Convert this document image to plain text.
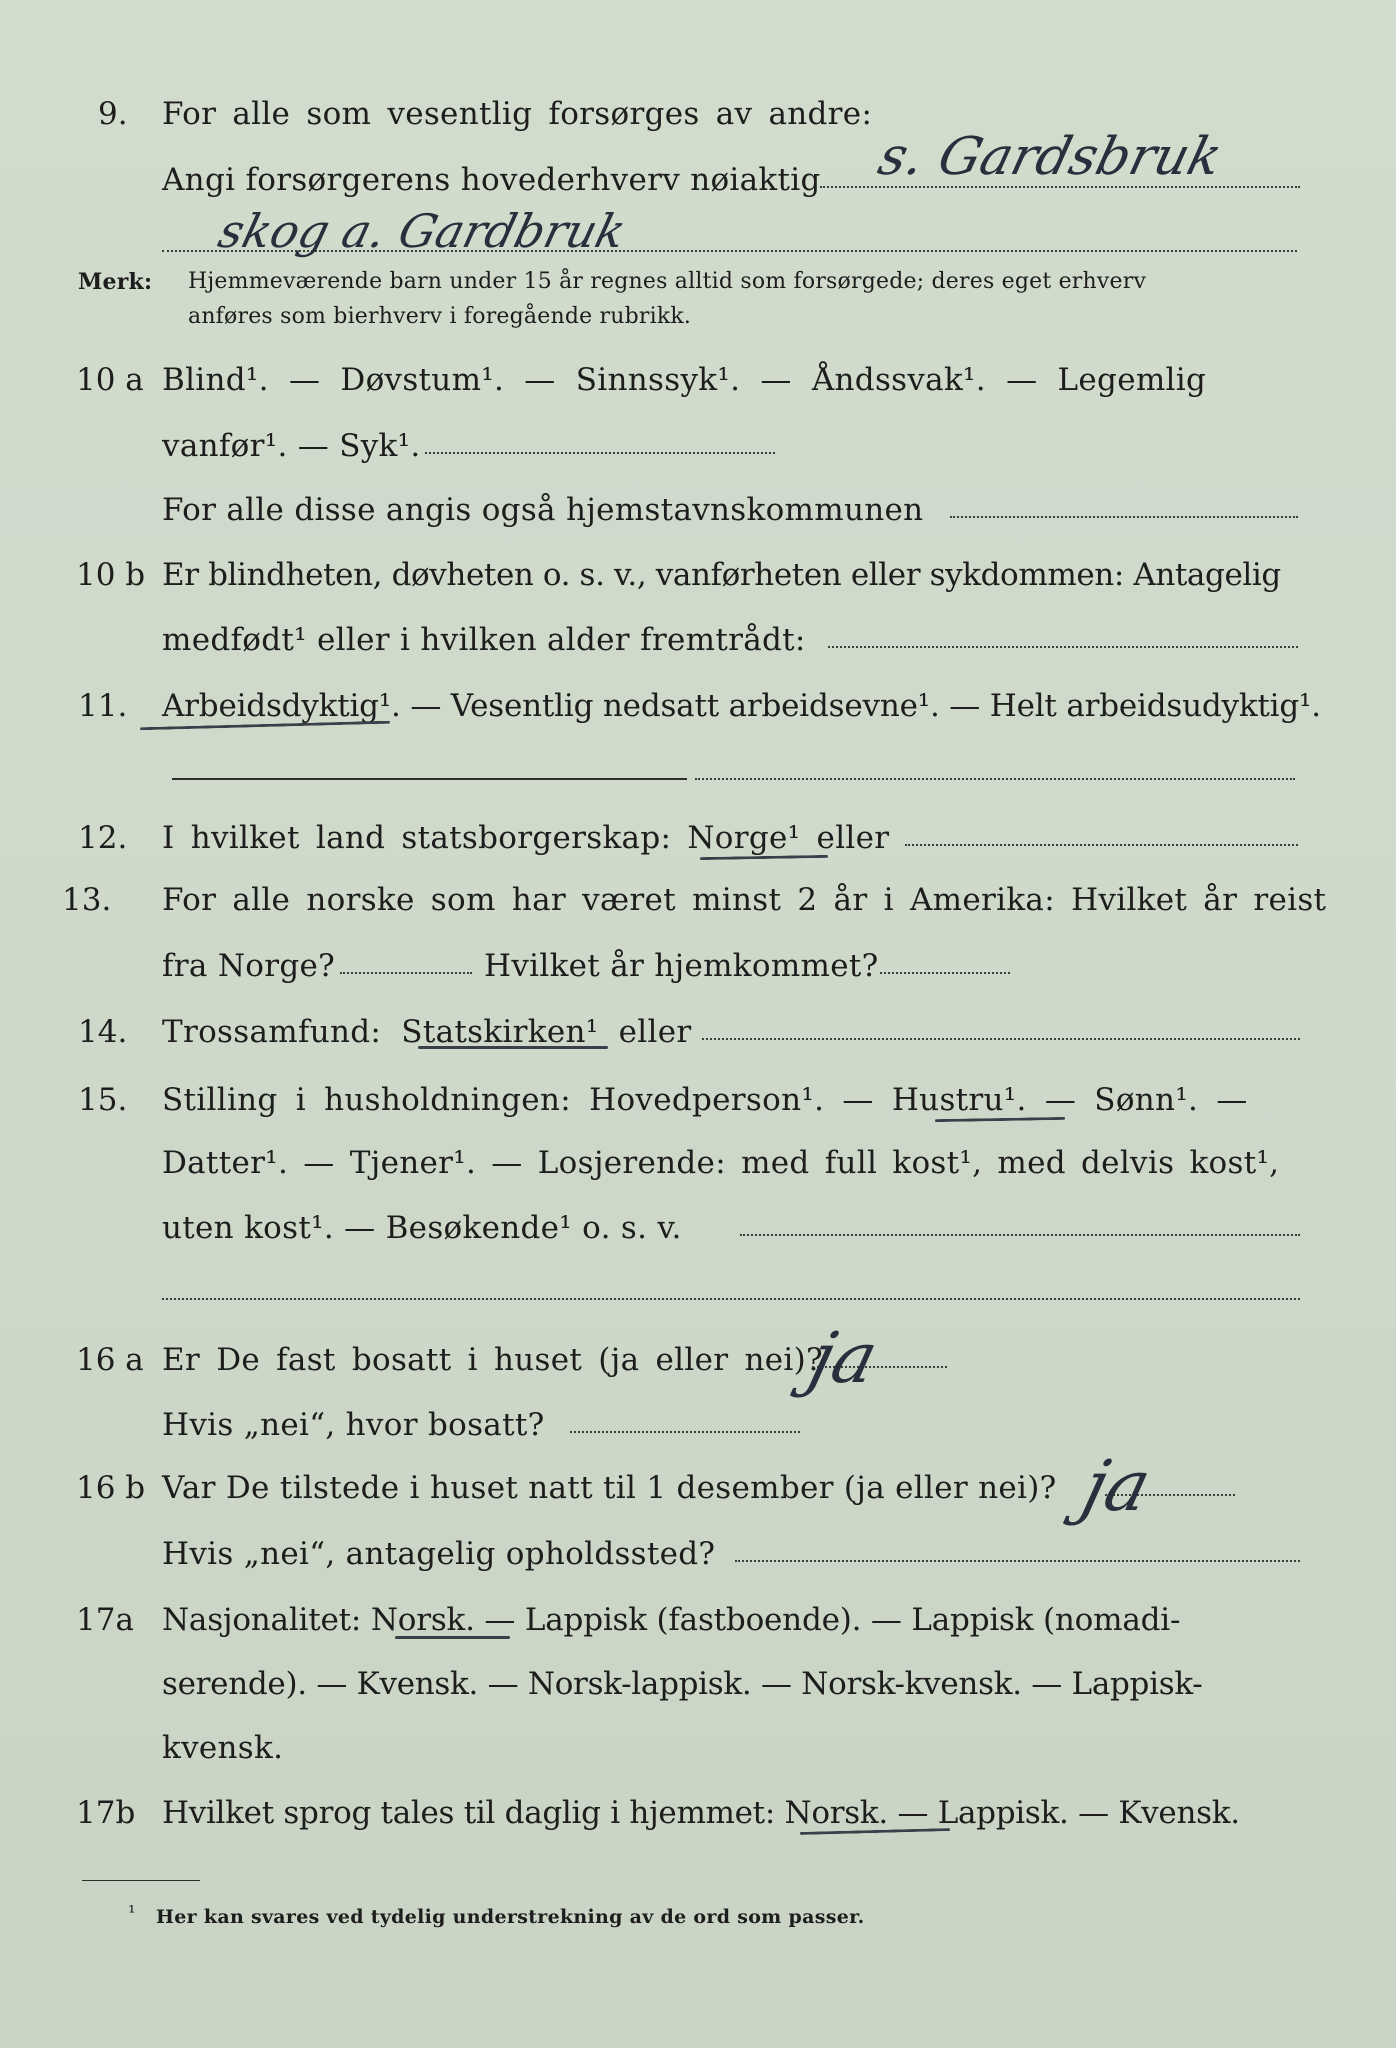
9. For alle som vesentlig forsørges av andre:
Angi forsørgerens hovederhverv nøiaktig s. Gardsbruk
skog a. Gardbruk
Merk: Hjemmeværende barn under 15 år regnes alltid som forsørgede; deres eget erhverv
anføres som bierhverv i foregående rubrikk.
10 a Blind¹. — Døvstum¹. — Sinnssyk¹. — Åndssvak¹. — Legemlig
vanfør¹. — Syk¹.
For alle disse angis også hjemstavnskommunen
10 b Er blindheten, døvheten o. s. v., vanførheten eller sykdommen: Antagelig
medfødt¹ eller i hvilken alder fremtrådt:
11. Arbeidsdyktig¹. — Vesentlig nedsatt arbeidsevne¹. — Helt arbeidsudyktig¹.
12. I hvilket land statsborgerskap: Norge¹ eller
13. For alle norske som har været minst 2 år i Amerika: Hvilket år reist
fra Norge?	Hvilket år hjemkommet?
14. Trossamfund: Statskirken¹ eller
15. Stilling i husholdningen: Hovedperson¹. — Hustru¹. — Sønn¹. —
Datter¹. — Tjener¹. — Losjerende: med full kost¹, med delvis kost¹,
uten kost¹. — Besøkende¹ o. s. v.
16 a Er De fast bosatt i huset (ja eller nei)?
ja
Hvis „nei“, hvor bosatt?
16 b Var De tilstede i huset natt til 1 desember (ja eller nei)? ja
Hvis „nei“, antagelig opholdssted?
17a Nasjonalitet: Norsk. — Lappisk (fastboende). — Lappisk (nomadi-
serende). — Kvensk. — Norsk-lappisk. — Norsk-kvensk. — Lappisk-
kvensk.
17b Hvilket sprog tales til daglig i hjemmet: Norsk. — Lappisk. — Kvensk.
¹ Her kan svares ved tydelig understrekning av de ord som passer.
